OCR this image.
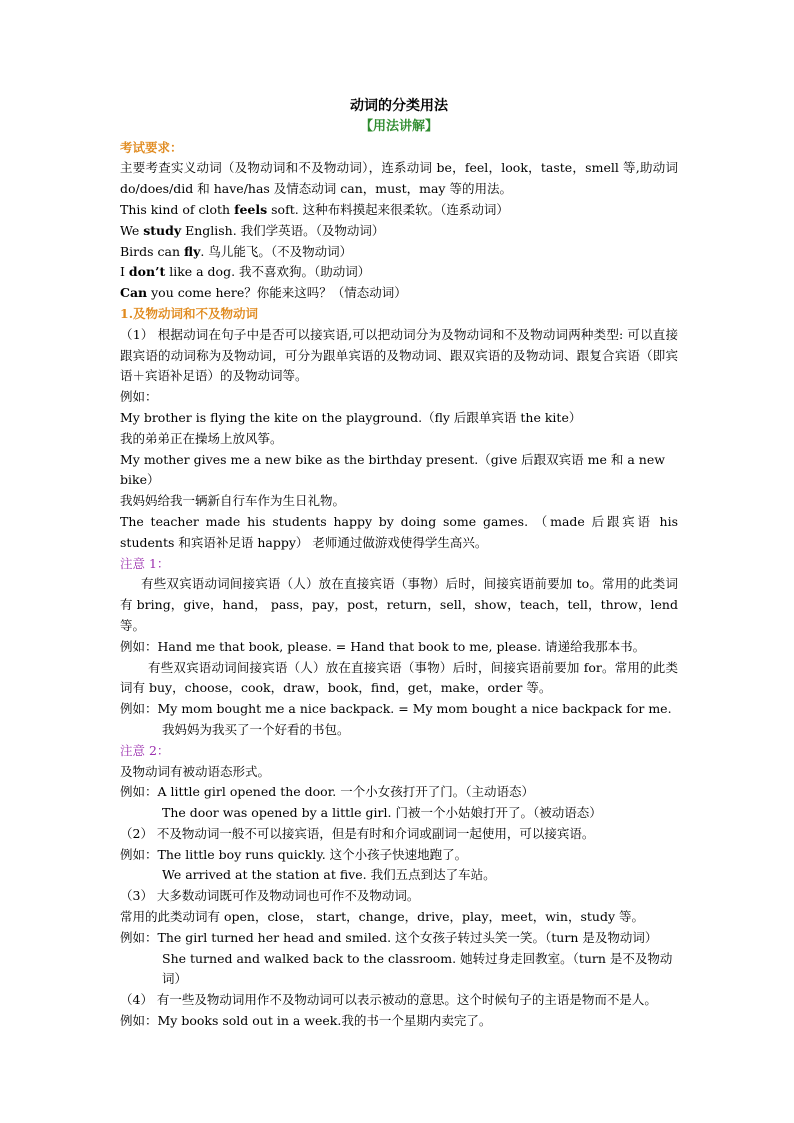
动词的分类用法

【用法讲解】

考试要求：

主要考查实义动词（及物动词和不及物动词），连系动词 be，feel，look，taste，smell 等,助动词 do/does/did 和 have/has 及情态动词 can，must，may 等的用法。

This kind of cloth feels soft. 这种布料摸起来很柔软。（连系动词）

We study English. 我们学英语。（及物动词）

Birds can fly. 鸟儿能飞。（不及物动词）

I don’t like a dog. 我不喜欢狗。（助动词）

Can you come here？你能来这吗？（情态动词）

1.及物动词和不及物动词

（1） 根据动词在句子中是否可以接宾语,可以把动词分为及物动词和不及物动词两种类型: 可以直接跟宾语的动词称为及物动词，可分为跟单宾语的及物动词、跟双宾语的及物动词、跟复合宾语（即宾语＋宾语补足语）的及物动词等。

例如：

My brother is flying the kite on the playground.（fly 后跟单宾语 the kite）

我的弟弟正在操场上放风筝。

My mother gives me a new bike as the birthday present.（give 后跟双宾语 me 和 a new bike）

我妈妈给我一辆新自行车作为生日礼物。

The teacher made his students happy by doing some games. （made 后跟宾语 his students 和宾语补足语 happy） 老师通过做游戏使得学生高兴。

注意 1：

有些双宾语动词间接宾语（人）放在直接宾语（事物）后时，间接宾语前要加 to。常用的此类词有 bring，give，hand， pass，pay，post，return，sell，show，teach，tell，throw，lend 等。

例如：Hand me that book, please. = Hand that book to me, please. 请递给我那本书。

有些双宾语动词间接宾语（人）放在直接宾语（事物）后时，间接宾语前要加 for。常用的此类词有 buy，choose，cook，draw，book，find，get，make，order 等。

例如：My mom bought me a nice backpack. = My mom bought a nice backpack for me.

我妈妈为我买了一个好看的书包。

注意 2：

及物动词有被动语态形式。

例如：A little girl opened the door. 一个小女孩打开了门。（主动语态）

The door was opened by a little girl. 门被一个小姑娘打开了。（被动语态）

（2） 不及物动词一般不可以接宾语，但是有时和介词或副词一起使用，可以接宾语。

例如：The little boy runs quickly. 这个小孩子快速地跑了。

We arrived at the station at five. 我们五点到达了车站。

（3） 大多数动词既可作及物动词也可作不及物动词。

常用的此类动词有 open，close， start，change，drive，play，meet，win，study 等。

例如：The girl turned her head and smiled. 这个女孩子转过头笑一笑。（turn 是及物动词）

She turned and walked back to the classroom. 她转过身走回教室。（turn 是不及物动词）

（4） 有一些及物动词用作不及物动词可以表示被动的意思。这个时候句子的主语是物而不是人。

例如：My books sold out in a week.我的书一个星期内卖完了。
